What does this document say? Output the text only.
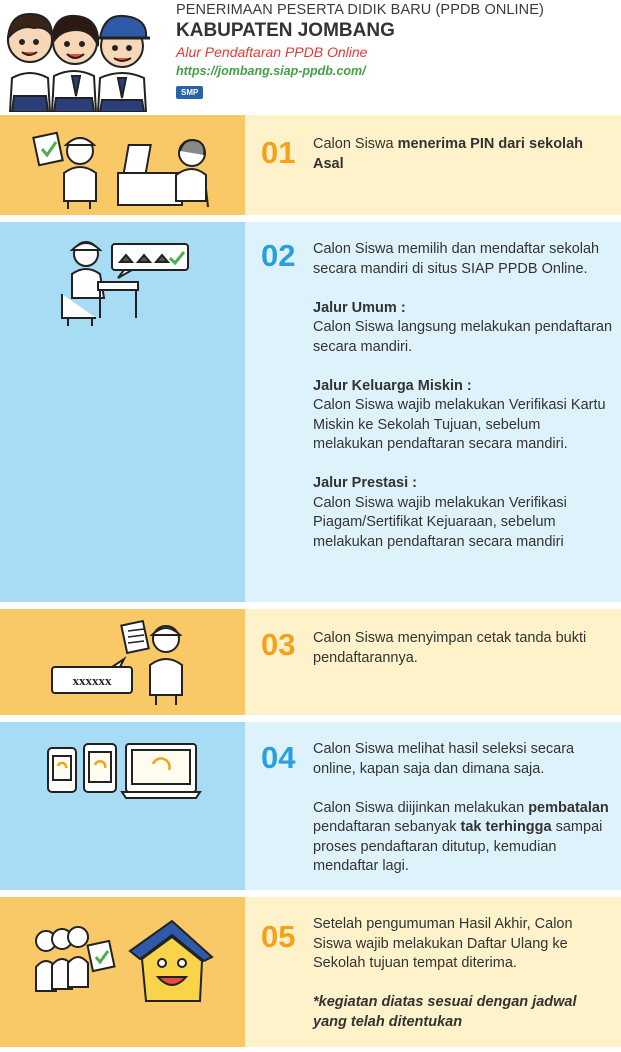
PENERIMAAN PESERTA DIDIK BARU (PPDB ONLINE)
KABUPATEN JOMBANG
Alur Pendaftaran PPDB Online
https://jombang.siap-ppdb.com/
SMP
01 Calon Siswa menerima PIN dari sekolah Asal
02 Calon Siswa memilih dan mendaftar sekolah secara mandiri di situs SIAP PPDB Online.

Jalur Umum :

Calon Siswa langsung melakukan pendaftaran secara mandiri.

Jalur Keluarga Miskin :

Calon Siswa wajib melakukan Verifikasi Kartu Miskin ke Sekolah Tujuan, sebelum melakukan pendaftaran secara mandiri.

Jalur Prestasi :

Calon Siswa wajib melakukan Verifikasi Piagam/Sertifikat Kejuaraan, sebelum melakukan pendaftaran secara mandiri

xxxxxx
03 Calon Siswa menyimpan cetak tanda bukti pendaftarannya.
04 Calon Siswa melihat hasil seleksi secara online, kapan saja dan dimana saja.

Calon Siswa diijinkan melakukan pembatalan pendaftaran sebanyak tak terhingga sampai proses pendaftaran ditutup, kemudian mendaftar lagi.

05 Setelah pengumuman Hasil Akhir, Calon Siswa wajib melakukan Daftar Ulang ke Sekolah tujuan tempat diterima.

*kegiatan diatas sesuai dengan jadwal yang telah ditentukan
